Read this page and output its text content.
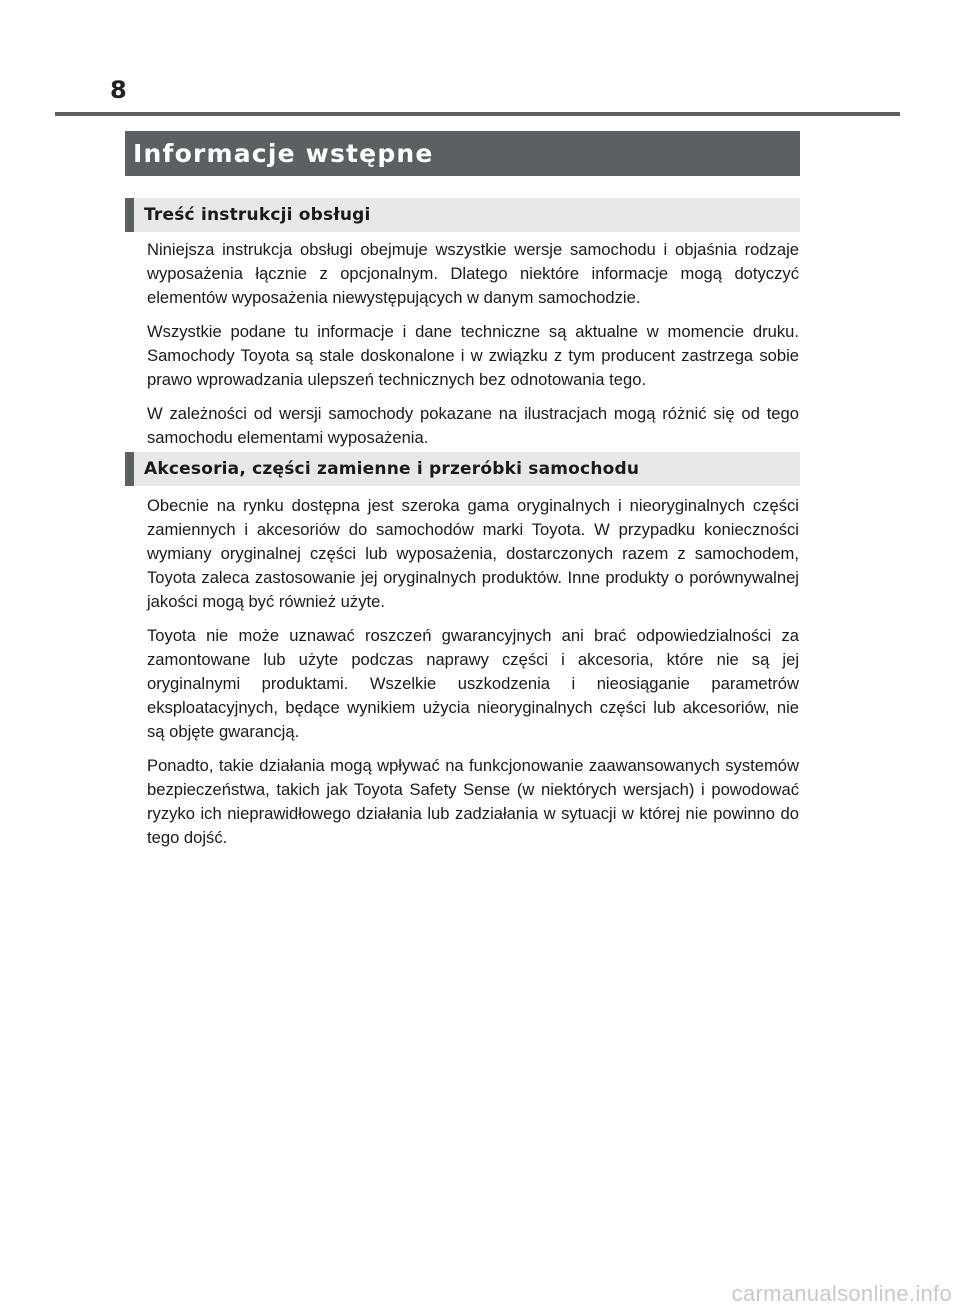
8
Informacje wstępne
Treść instrukcji obsługi

Niniejsza instrukcja obsługi obejmuje wszystkie wersje samochodu i objaśnia rodzaje wyposażenia łącznie z opcjonalnym. Dlatego niektóre informacje mogą dotyczyć elementów wyposażenia niewystępujących w danym samochodzie.

Wszystkie podane tu informacje i dane techniczne są aktualne w momencie druku. Samochody Toyota są stale doskonalone i w związku z tym producent zastrzega sobie prawo wprowadzania ulepszeń technicznych bez odnotowania tego.

W zależności od wersji samochody pokazane na ilustracjach mogą różnić się od tego samochodu elementami wyposażenia.

Akcesoria, części zamienne i przeróbki samochodu

Obecnie na rynku dostępna jest szeroka gama oryginalnych i nieoryginalnych części zamiennych i akcesoriów do samochodów marki Toyota. W przypadku konieczności wymiany oryginalnej części lub wyposażenia, dostarczonych razem z samochodem, Toyota zaleca zastosowanie jej oryginalnych produktów. Inne produkty o porównywalnej jakości mogą być również użyte.

Toyota nie może uznawać roszczeń gwarancyjnych ani brać odpowiedzialności za zamontowane lub użyte podczas naprawy części i akcesoria, które nie są jej oryginalnymi produktami. Wszelkie uszkodzenia i nieosiąganie parametrów eksploatacyjnych, będące wynikiem użycia nieoryginalnych części lub akcesoriów, nie są objęte gwarancją.

Ponadto, takie działania mogą wpływać na funkcjonowanie zaawansowanych systemów bezpieczeństwa, takich jak Toyota Safety Sense (w niektórych wersjach) i powodować ryzyko ich nieprawidłowego działania lub zadziałania w sytuacji w której nie powinno do tego dojść.

carmanualsonline.info
